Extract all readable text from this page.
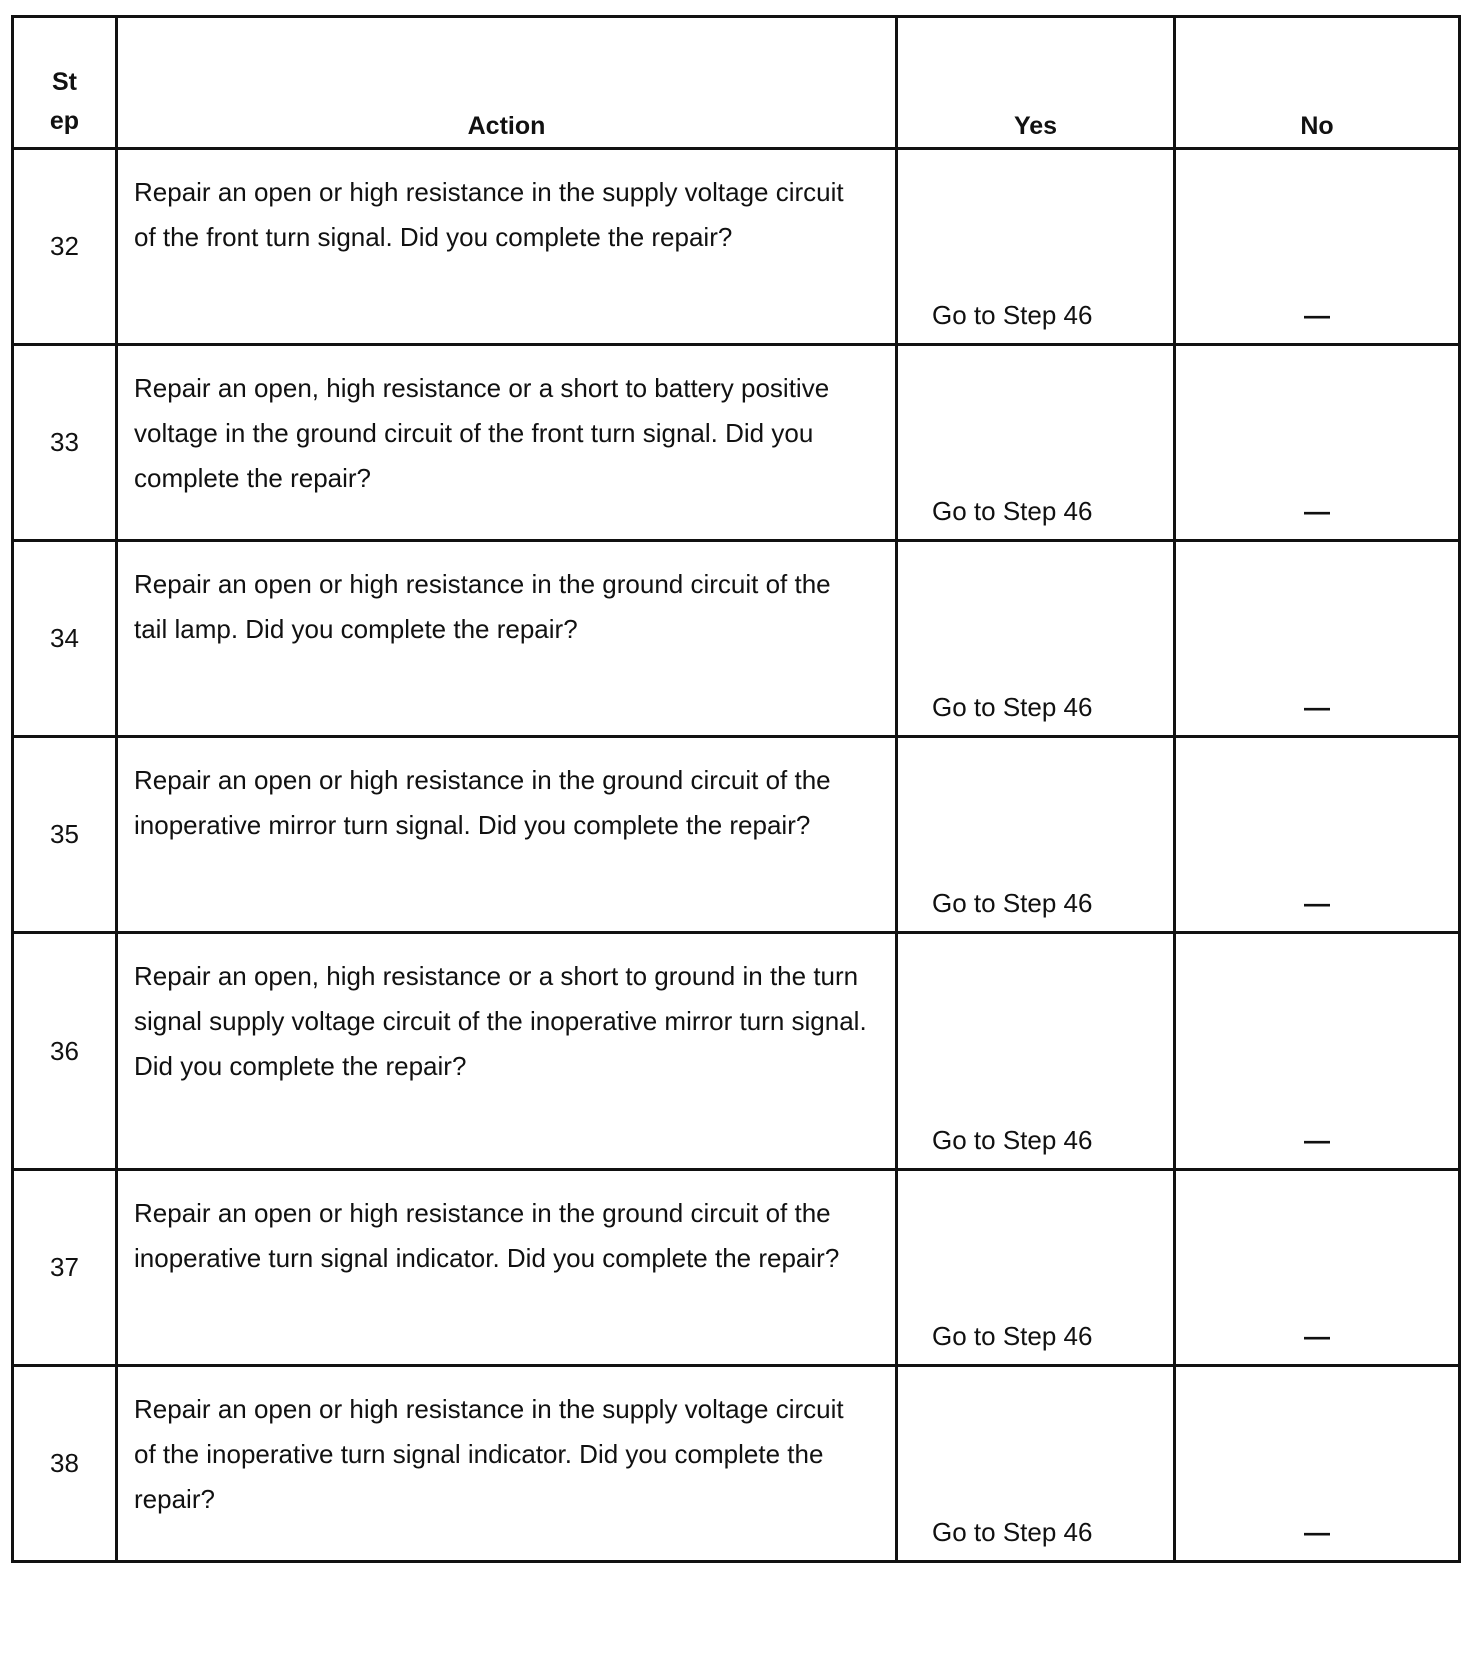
St
ep	Action	Yes	No
32	Repair an open or high resistance in the supply voltage circuit of the front turn signal. Did you complete the repair?	Go to Step 46	—
33	Repair an open, high resistance or a short to battery positive voltage in the ground circuit of the front turn signal. Did you complete the repair?	Go to Step 46	—
34	Repair an open or high resistance in the ground circuit of the tail lamp. Did you complete the repair?	Go to Step 46	—
35	Repair an open or high resistance in the ground circuit of the inoperative mirror turn signal. Did you complete the repair?	Go to Step 46	—
36	Repair an open, high resistance or a short to ground in the turn signal supply voltage circuit of the inoperative mirror turn signal. Did you complete the repair?	Go to Step 46	—
37	Repair an open or high resistance in the ground circuit of the inoperative turn signal indicator. Did you complete the repair?	Go to Step 46	—
38	Repair an open or high resistance in the supply voltage circuit of the inoperative turn signal indicator. Did you complete the repair?	Go to Step 46	—
